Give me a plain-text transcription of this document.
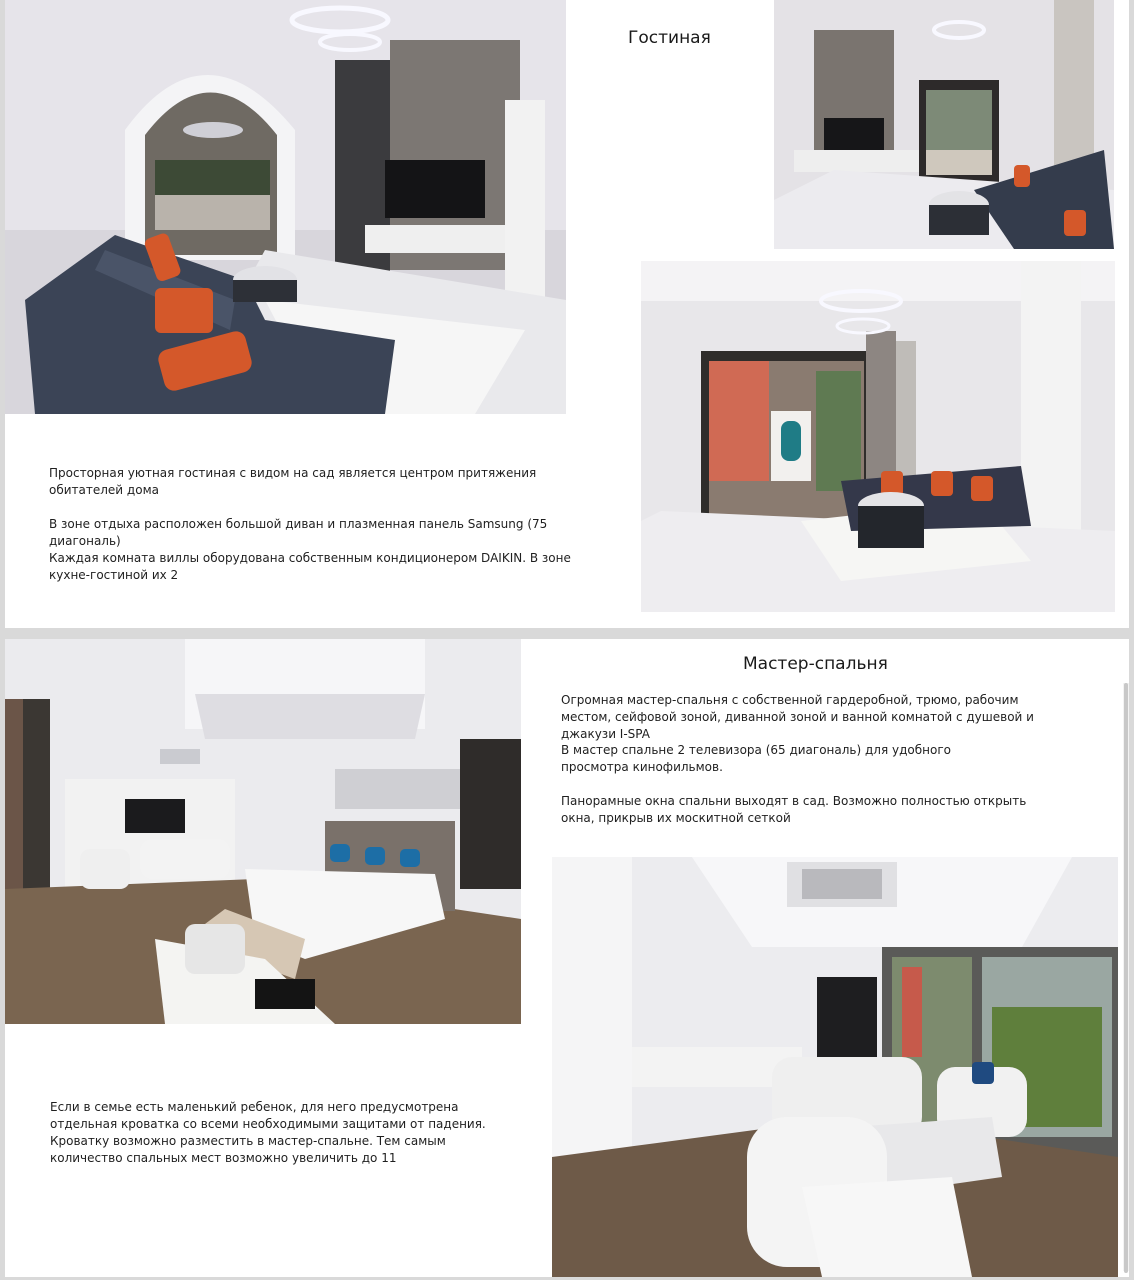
Гостиная

Просторная уютная гостиная с видом на сад является центром притяжения обитателей дома

В зоне отдыха расположен большой диван и плазменная панель Samsung (75 диагональ)

Каждая комната виллы оборудована собственным кондиционером DAIKIN. В зоне кухне-гостиной их 2

Мастер-спальня

Огромная мастер-спальня с собственной гардеробной, трюмо, рабочим местом, сейфовой зоной, диванной зоной и ванной комнатой с душевой и джакузи I-SPA

В мастер спальне 2 телевизора (65 диагональ) для удобного просмотра кинофильмов.

Панорамные окна спальни выходят в сад. Возможно полностью открыть окна, прикрыв их москитной сеткой

Если в семье есть маленький ребенок, для него предусмотрена отдельная кроватка со всеми необходимыми защитами от падения. Кроватку возможно разместить в мастер-спальне. Тем самым количество спальных мест возможно увеличить до 11
